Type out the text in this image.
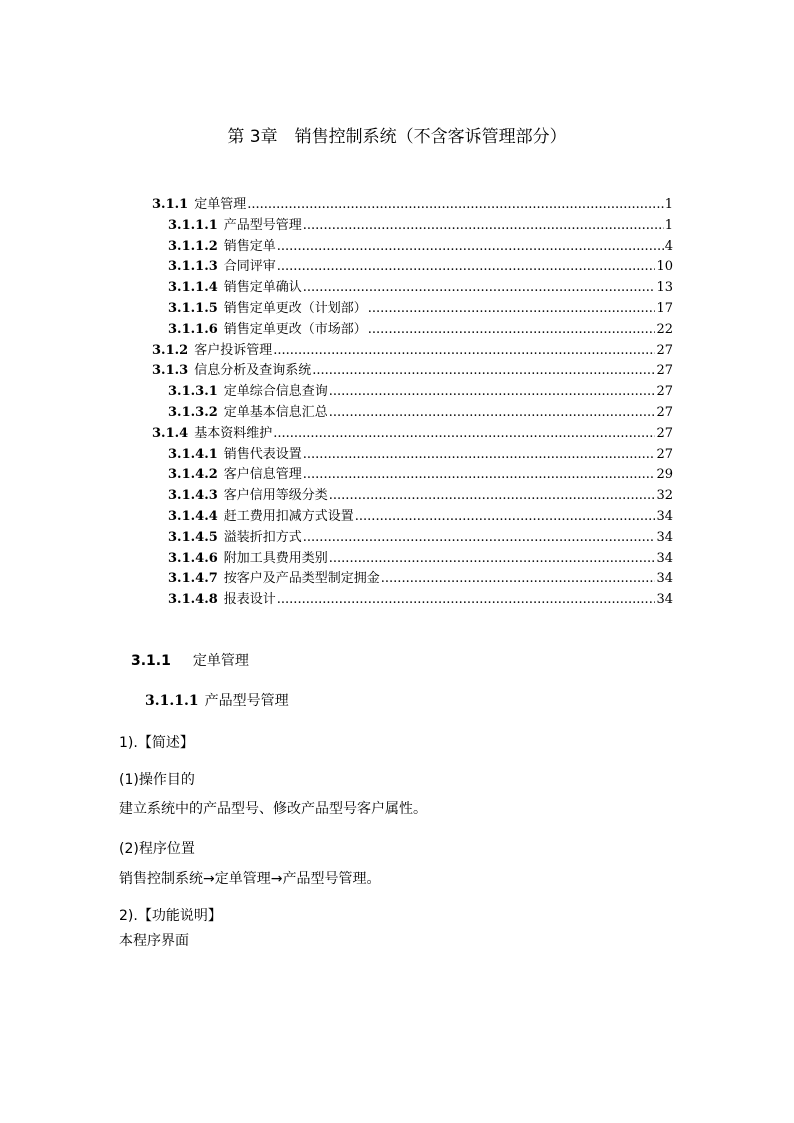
第 3章　销售控制系统（不含客诉管理部分）
3.1.1 定单管理 .....	1
3.1.1.1 产品型号管理 .....	1
3.1.1.2 销售定单 .....	4
3.1.1.3 合同评审 .....	10
3.1.1.4 销售定单确认 .....	13
3.1.1.5 销售定单更改（计划部） .....	17
3.1.1.6 销售定单更改（市场部） .....	22
3.1.2 客户投诉管理 .....	27
3.1.3 信息分析及查询系统 .....	27
3.1.3.1 定单综合信息查询 .....	27
3.1.3.2 定单基本信息汇总 .....	27
3.1.4 基本资料维护 .....	27
3.1.4.1 销售代表设置 .....	27
3.1.4.2 客户信息管理 .....	29
3.1.4.3 客户信用等级分类 .....	32
3.1.4.4 赶工费用扣减方式设置 .....	34
3.1.4.5 溢装折扣方式 .....	34
3.1.4.6 附加工具费用类别 .....	34
3.1.4.7 按客户及产品类型制定拥金 .....	34
3.1.4.8 报表设计 .....	34
3.1.1 定单管理
3.1.1.1 产品型号管理
1).【简述】
(1)操作目的
建立系统中的产品型号、修改产品型号客户属性。
(2)程序位置
销售控制系统→定单管理→产品型号管理。
2).【功能说明】
本程序界面
